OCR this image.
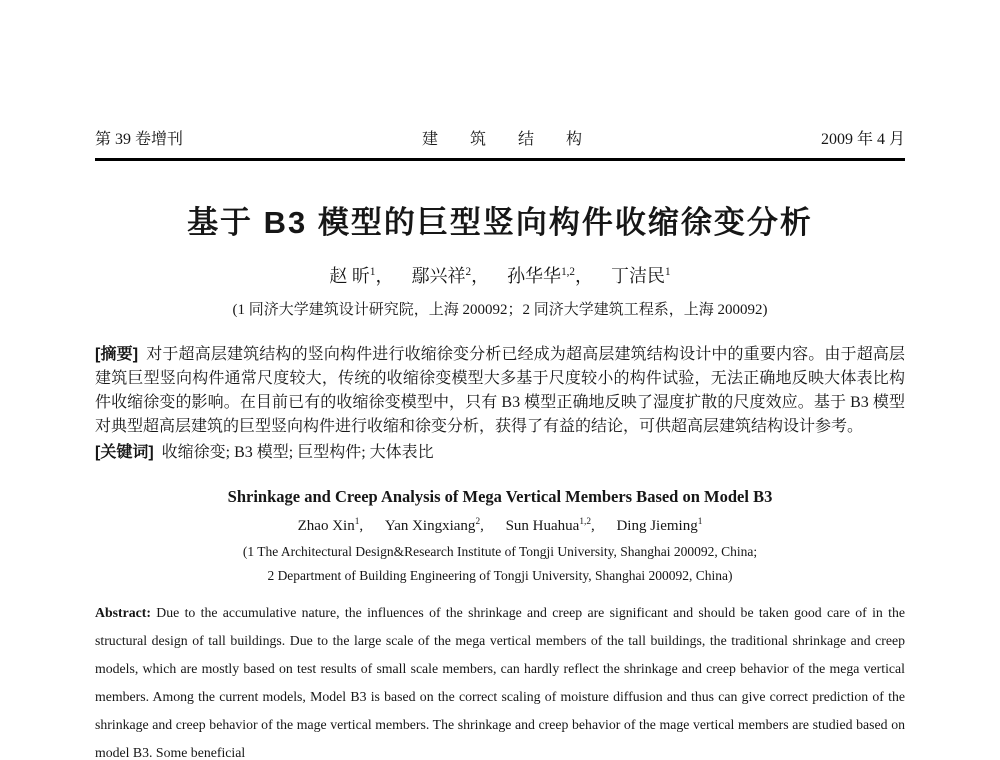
第 39 卷增刊	建 筑 结 构	2009 年 4 月
基于 B3 模型的巨型竖向构件收缩徐变分析
赵 昕$^1$， 鄢兴祥$^2$， 孙华华$^{1,2}$， 丁洁民$^1$
(1 同济大学建筑设计研究院，上海 200092；2 同济大学建筑工程系，上海 200092)

[摘要] 对于超高层建筑结构的竖向构件进行收缩徐变分析已经成为超高层建筑结构设计中的重要内容。由于超高层建筑巨型竖向构件通常尺度较大，传统的收缩徐变模型大多基于尺度较小的构件试验，无法正确地反映大体表比构件收缩徐变的影响。在目前已有的收缩徐变模型中，只有 B3 模型正确地反映了湿度扩散的尺度效应。基于 B3 模型对典型超高层建筑的巨型竖向构件进行收缩和徐变分析，获得了有益的结论，可供超高层建筑结构设计参考。

[关键词] 收缩徐变; B3 模型; 巨型构件; 大体表比

Shrinkage and Creep Analysis of Mega Vertical Members Based on Model B3
Zhao Xin$^1$, Yan Xingxiang$^2$, Sun Huahua$^{1,2}$, Ding Jieming$^1$
(1 The Architectural Design&Research Institute of Tongji University, Shanghai 200092, China;
2 Department of Building Engineering of Tongji University, Shanghai 200092, China)

Abstract: Due to the accumulative nature, the influences of the shrinkage and creep are significant and should be taken good care of in the structural design of tall buildings. Due to the large scale of the mega vertical members of the tall buildings, the traditional shrinkage and creep models, which are mostly based on test results of small scale members, can hardly reflect the shrinkage and creep behavior of the mega vertical members. Among the current models, Model B3 is based on the correct scaling of moisture diffusion and thus can give correct prediction of the shrinkage and creep behavior of the mage vertical members. The shrinkage and creep behavior of the mage vertical members are studied based on model B3. Some beneficial
